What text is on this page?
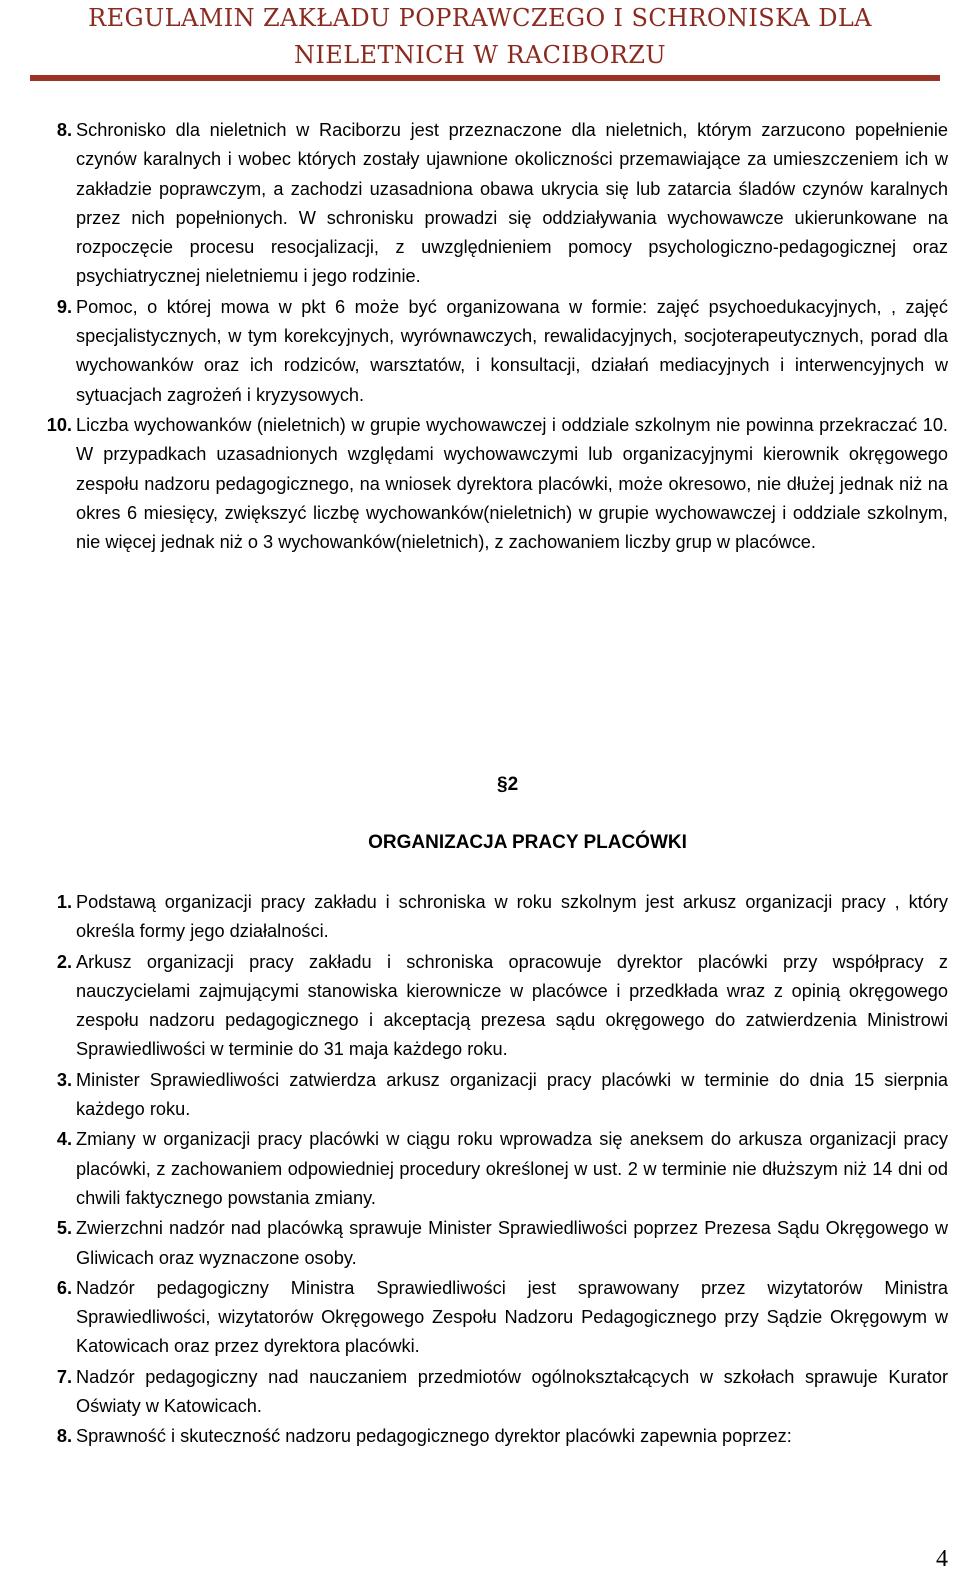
REGULAMIN ZAKŁADU POPRAWCZEGO I SCHRONISKA DLA
NIELETNICH W RACIBORZU
8. Schronisko dla nieletnich w Raciborzu jest przeznaczone dla nieletnich, którym zarzucono popełnienie czynów karalnych i wobec których zostały ujawnione okoliczności przemawiające za umieszczeniem ich w zakładzie poprawczym, a zachodzi uzasadniona obawa ukrycia się lub zatarcia śladów czynów karalnych przez nich popełnionych. W schronisku prowadzi się oddziaływania wychowawcze ukierunkowane na rozpoczęcie procesu resocjalizacji, z uwzględnieniem pomocy psychologiczno-pedagogicznej oraz psychiatrycznej nieletniemu i jego rodzinie.
9. Pomoc, o której mowa w pkt 6 może być organizowana w formie: zajęć psychoedukacyjnych, , zajęć specjalistycznych, w tym korekcyjnych, wyrównawczych, rewalidacyjnych, socjoterapeutycznych, porad dla wychowanków oraz ich rodziców, warsztatów, i konsultacji, działań mediacyjnych i interwencyjnych w sytuacjach zagrożeń i kryzysowych.
10. Liczba wychowanków (nieletnich) w grupie wychowawczej i oddziale szkolnym nie powinna przekraczać 10. W przypadkach uzasadnionych względami wychowawczymi lub organizacyjnymi kierownik okręgowego zespołu nadzoru pedagogicznego, na wniosek dyrektora placówki, może okresowo, nie dłużej jednak niż na okres 6 miesięcy, zwiększyć liczbę wychowanków(nieletnich) w grupie wychowawczej i oddziale szkolnym, nie więcej jednak niż o 3 wychowanków(nieletnich), z zachowaniem liczby grup w placówce.
§2
ORGANIZACJA PRACY PLACÓWKI
1. Podstawą organizacji pracy zakładu i schroniska w roku szkolnym jest arkusz organizacji pracy , który określa formy jego działalności.
2. Arkusz organizacji pracy zakładu i schroniska opracowuje dyrektor placówki przy współpracy z nauczycielami zajmującymi stanowiska kierownicze w placówce i przedkłada wraz z opinią okręgowego zespołu nadzoru pedagogicznego i akceptacją prezesa sądu okręgowego do zatwierdzenia Ministrowi Sprawiedliwości w terminie do 31 maja każdego roku.
3. Minister Sprawiedliwości zatwierdza arkusz organizacji pracy placówki w terminie do dnia 15 sierpnia każdego roku.
4. Zmiany w organizacji pracy placówki w ciągu roku wprowadza się aneksem do arkusza organizacji pracy placówki, z zachowaniem odpowiedniej procedury określonej w ust. 2 w terminie nie dłuższym niż 14 dni od chwili faktycznego powstania zmiany.
5. Zwierzchni nadzór nad placówką sprawuje Minister Sprawiedliwości poprzez Prezesa Sądu Okręgowego w Gliwicach oraz wyznaczone osoby.
6. Nadzór pedagogiczny Ministra Sprawiedliwości jest sprawowany przez wizytatorów Ministra Sprawiedliwości, wizytatorów Okręgowego Zespołu Nadzoru Pedagogicznego przy Sądzie Okręgowym w Katowicach oraz przez dyrektora placówki.
7. Nadzór pedagogiczny nad nauczaniem przedmiotów ogólnokształcących w szkołach sprawuje Kurator Oświaty w Katowicach.
8. Sprawność i skuteczność nadzoru pedagogicznego dyrektor placówki zapewnia poprzez:
4
